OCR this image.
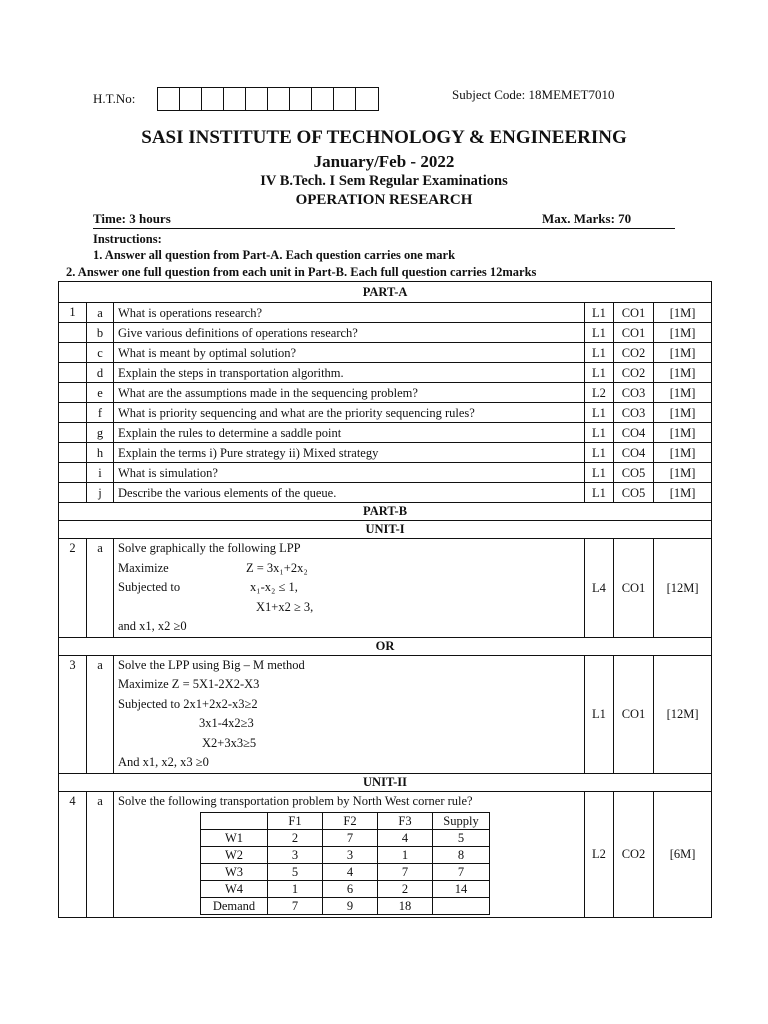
H.T.No:	Subject Code: 18MEMET7010
SASI INSTITUTE OF TECHNOLOGY & ENGINEERING
January/Feb - 2022
IV B.Tech. I Sem Regular Examinations
OPERATION RESEARCH
Time: 3 hours	Max. Marks: 70
Instructions:
1. Answer all question from Part-A. Each question carries one mark
2. Answer one full question from each unit in Part-B. Each full question carries 12marks
PART-A
1	a	What is operations research?	L1	CO1	[1M]
	b	Give various definitions of operations research?	L1	CO1	[1M]
	c	What is meant by optimal solution?	L1	CO2	[1M]
	d	Explain the steps in transportation algorithm.	L1	CO2	[1M]
	e	What are the assumptions made in the sequencing problem?	L2	CO3	[1M]
	f	What is priority sequencing and what are the priority sequencing rules?	L1	CO3	[1M]
	g	Explain the rules to determine a saddle point	L1	CO4	[1M]
	h	Explain the terms i) Pure strategy ii) Mixed strategy	L1	CO4	[1M]
	i	What is simulation?	L1	CO5	[1M]
	j	Describe the various elements of the queue.	L1	CO5	[1M]
PART-B
UNIT-I
2	a	Solve graphically the following LPP
Maximize	Z = 3x₁+2x₂
Subjected to	x₁-x₂ ≤ 1,
X1+x2 ≥ 3,
and x1, x2 ≥0
	L4	CO1	[12M]
OR
3	a	Solve the LPP using Big – M method
Maximize Z = 5X1-2X2-X3
Subjected to 2x1+2x2-x3≥2
3x1-4x2≥3
X2+3x3≥5
And x1, x2, x3 ≥0
	L1	CO1	[12M]
UNIT-II
4	a	Solve the following transportation problem by North West corner rule?
	F1	F2	F3	Supply
W1	2	7	4	5
W2	3	3	1	8
W3	5	4	7	7
W4	1	6	2	14
Demand	7	9	18	
	L2	CO2	[6M]
